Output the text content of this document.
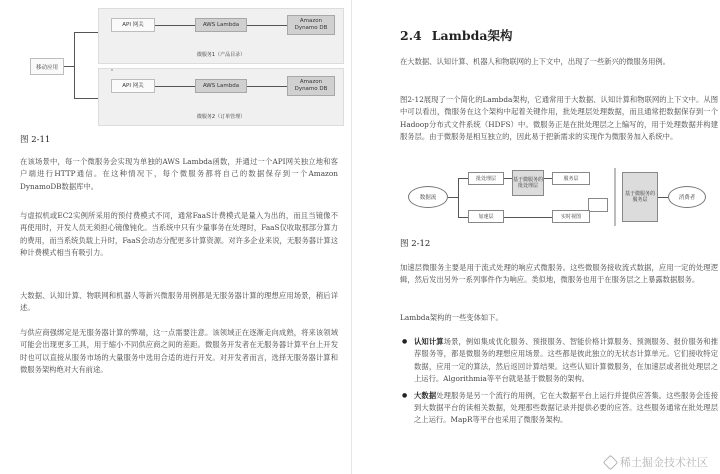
移动应用
API 网关	AWS Lambda
Amazon Dynamo DB
微服务1（产品目录）
API 网关	AWS Lambda
Amazon Dynamo DB
微服务2（订单管理）
图 2-11

在该场景中，每一个微服务会实现为单独的AWS Lambda函数，并通过一个API网关独立地和客户端进行HTTP通信。在这种情况下，每个微服务都将自己的数据保存到一个Amazon DynamoDB数据库中。

与虚拟机或EC2实例所采用的预付费模式不同，通常FaaS计费模式是量入为出的，而且当镜像不再使用时，开发人员无须担心镜像钝化。当系统中只有少量事务在处理时，FaaS仅收取那部分算力的费用，而当系统负载上升时，FaaS会动态分配更多计算资源。对许多企业来说，无服务器计算这种计费模式相当有吸引力。

大数据、认知计算、物联网和机器人等新兴微服务用例都是无服务器计算的理想应用场景，稍后详述。

与供应商强绑定是无服务器计算的弊端，这一点需要注意。该领域正在逐渐走向成熟，将来该领域可能会出现更多工具，用于缩小不同供应商之间的差距。微服务开发者在无服务器计算平台上开发时也可以直接从服务市场的大量服务中选用合适的进行开发。对开发者而言，选择无服务器计算和微服务架构绝对大有前途。

2.4 Lambda架构

在大数据、认知计算、机器人和物联网的上下文中，出现了一些新兴的微服务用例。

图2-12展现了一个简化的Lambda架构，它通常用于大数据、认知计算和物联网的上下文中。从图中可以看出，微服务在这个架构中起着关键作用，批处理层处理数据，而且通常把数据保存到一个Hadoop分布式文件系统（HDFS）中。微服务正是在批处理层之上编写的，用于处理数据并构建服务层。由于微服务是相互独立的，因此易于把新需求的实现作为微服务加入系统中。

数据流
批处理层
加速层
基于微服务的批处理层
服务层
实时视图
基于微服务的服务层	消费者
图 2-12

加速层微服务主要是用于流式处理的响应式微服务。这些微服务接收流式数据，应用一定的处理逻辑，然后发出另外一系列事件作为响应。类似地，微服务也用于在服务层之上暴露数据服务。

Lambda架构的一些变体如下。

● 认知计算场景，例如集成优化服务、预报服务、智能价格计算服务、预测服务、报价服务和推荐服务等，都是微服务的理想应用场景。这些都是彼此独立的无状态计算单元。它们接收特定数据，应用一定的算法，然后返回计算结果。这些认知计算微服务，在加速层或者批处理层之上运行。Algorithmia等平台就是基于微服务的架构。
● 大数据处理服务是另一个流行的用例，它在大数据平台上运行并提供应答集。这些服务会连接到大数据平台的读相关数据，处理那些数据记录并提供必要的应答。这些服务通常在批处理层之上运行。MapR等平台也采用了微服务架构。
稀土掘金技术社区
